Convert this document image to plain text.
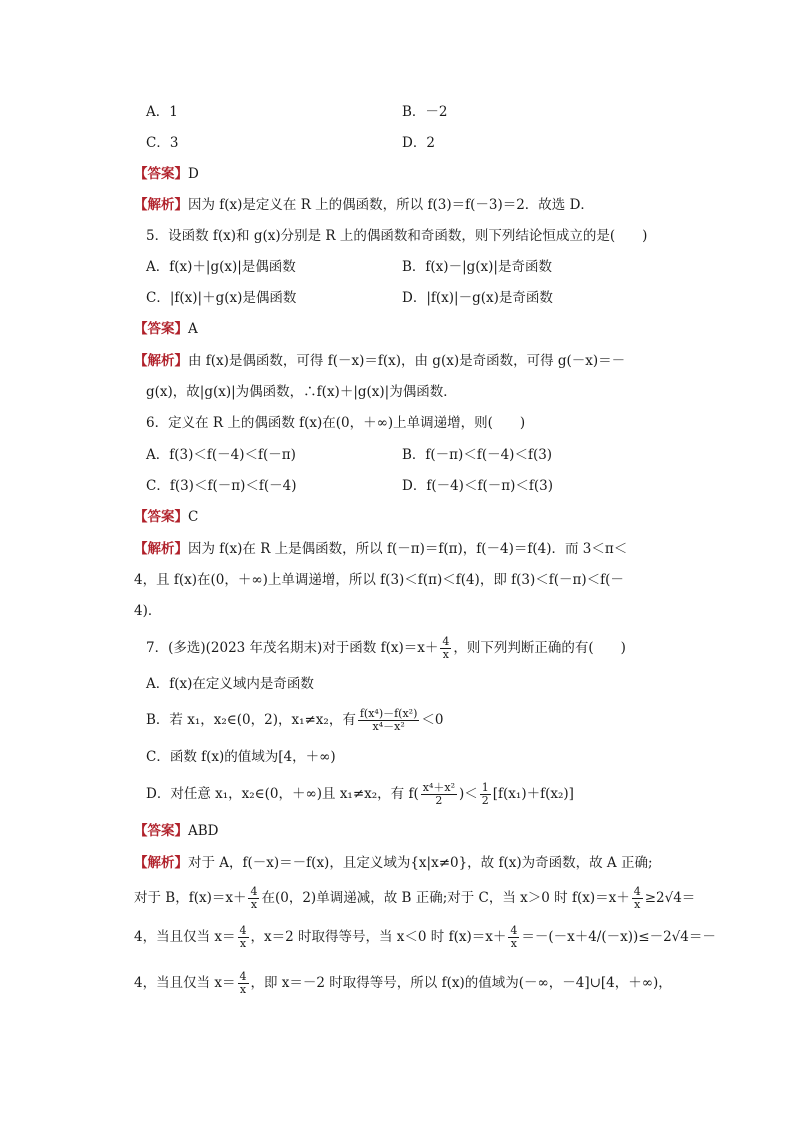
A．1	B．－2
C．3	D．2
【答案】D
【解析】因为 f(x)是定义在 R 上的偶函数，所以 f(3)＝f(－3)＝2．故选 D．
5．设函数 f(x)和 g(x)分别是 R 上的偶函数和奇函数，则下列结论恒成立的是(　　)
A．f(x)＋|g(x)|是偶函数	B．f(x)－|g(x)|是奇函数
C．|f(x)|＋g(x)是偶函数	D．|f(x)|－g(x)是奇函数
【答案】A
【解析】由 f(x)是偶函数，可得 f(－x)＝f(x)，由 g(x)是奇函数，可得 g(－x)＝－
g(x)，故|g(x)|为偶函数，∴f(x)＋|g(x)|为偶函数．
6．定义在 R 上的偶函数 f(x)在(0，＋∞)上单调递增，则(　　)
A．f(3)＜f(－4)＜f(－π)	B．f(－π)＜f(－4)＜f(3)
C．f(3)＜f(－π)＜f(－4)	D．f(－4)＜f(－π)＜f(3)
【答案】C
【解析】因为 f(x)在 R 上是偶函数，所以 f(－π)＝f(π)，f(－4)＝f(4)．而 3＜π＜
4，且 f(x)在(0，＋∞)上单调递增，所以 f(3)＜f(π)＜f(4)，即 f(3)＜f(－π)＜f(－
4)．
7．(多选)(2023 年茂名期末)对于函数 $f(x)=x+ \frac{4}{x}$ ，则下列判断正确的有(　　)
A．f(x)在定义域内是奇函数
B．若 x₁，x₂∈(0，2)，x₁≠x₂，有 $\frac{\text{f(x⁴)－f(x²)}}{\text{x⁴－x²}} <0$
C．函数 f(x)的值域为[4，＋∞)
D．对任意 x₁，x₂∈(0，＋∞)且 x₁≠x₂，有 $f( \frac{\text{x⁴＋x²}}{2}$ )＜ $\frac{1}{2} [f(x_1)+f(x_2)]$
【答案】ABD
【解析】对于 A，f(－x)＝－f(x)，且定义域为{x|x≠0}，故 f(x)为奇函数，故 A 正确;
对于 B，$f(x)=x+ \frac{4}{x}$ 在(0，2)单调递减，故 B 正确;对于 C，当 x＞0 时 $f(x)=x+ \frac{4}{x} \ge 2√4=$
4，当且仅当 $x= \frac{4}{x}$ ，x＝2 时取得等号，当 x＜0 时 $f(x)=x+ \frac{4}{x} =-(-x+4/(-x))\le-2√4=-$
4，当且仅当 $x= \frac{4}{x}$ ，即 x＝－2 时取得等号，所以 f(x)的值域为(－∞，－4]∪[4，＋∞)，
